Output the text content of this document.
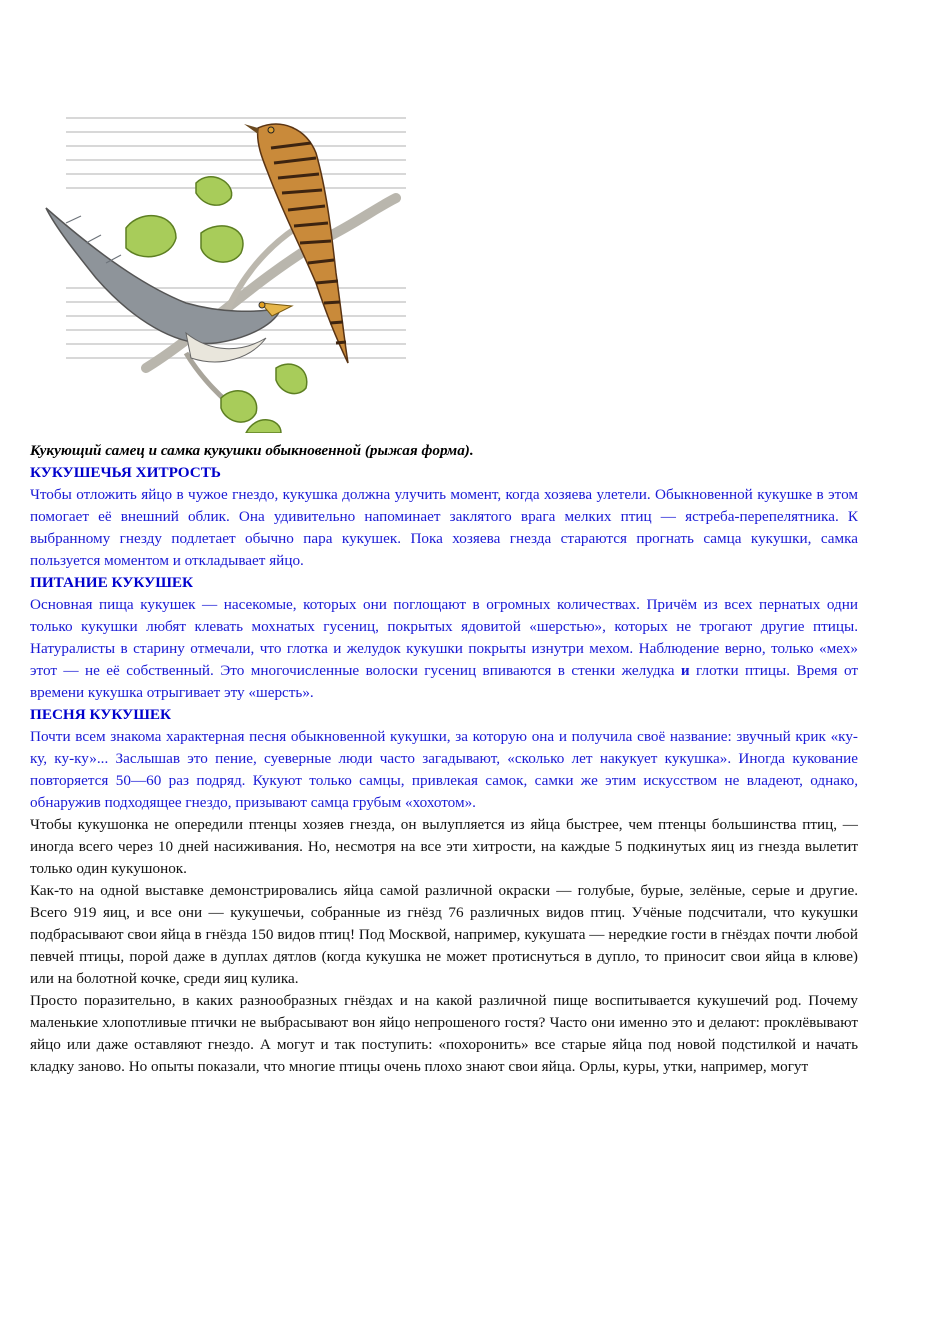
Кукующий самец и самка кукушки обыкновенной (рыжая форма).

КУКУШЕЧЬЯ ХИТРОСТЬ

Чтобы отложить яйцо в чужое гнездо, кукушка должна улучить момент, когда хозяева улетели. Обыкновенной кукушке в этом помогает её внешний облик. Она удивительно напоминает заклятого врага мелких птиц — ястреба-перепелятника. К выбранному гнезду подлетает обычно пара кукушек. Пока хозяева гнезда стараются прогнать самца кукушки, самка пользуется моментом и откладывает яйцо.

ПИТАНИЕ КУКУШЕК

Основная пища кукушек — насекомые, которых они поглощают в огромных количествах. Причём из всех пернатых одни только кукушки любят клевать мохнатых гусениц, покрытых ядовитой «шерстью», которых не трогают другие птицы. Натуралисты в старину отмечали, что глотка и желудок кукушки покрыты изнутри мехом. Наблюдение верно, только «мех» этот — не её собственный. Это многочисленные волоски гусениц впиваются в стенки желудка и глотки птицы. Время от времени кукушка отрыгивает эту «шерсть».

ПЕСНЯ КУКУШЕК

Почти всем знакома характерная песня обыкновенной кукушки, за которую она и получила своё название: звучный крик «ку-ку, ку-ку»... Заслышав это пение, суеверные люди часто загадывают, «сколько лет накукует кукушка». Иногда кукование повторяется 50—60 раз подряд. Кукуют только самцы, привлекая самок, самки же этим искусством не владеют, однако, обнаружив подходящее гнездо, призывают самца грубым «хохотом».

Чтобы кукушонка не опередили птенцы хозяев гнезда, он вылупляется из яйца быстрее, чем птенцы большинства птиц, — иногда всего через 10 дней насиживания. Но, несмотря на все эти хитрости, на каждые 5 подкинутых яиц из гнезда вылетит только один кукушонок.

Как-то на одной выставке демонстрировались яйца самой различной окраски — голубые, бурые, зелёные, серые и другие. Всего 919 яиц, и все они — кукушечьи, собранные из гнёзд 76 различных видов птиц. Учёные подсчитали, что кукушки подбрасывают свои яйца в гнёзда 150 видов птиц! Под Москвой, например, кукушата — нередкие гости в гнёздах почти любой певчей птицы, порой даже в дуплах дятлов (когда кукушка не может протиснуться в дупло, то приносит свои яйца в клюве) или на болотной кочке, среди яиц кулика.

Просто поразительно, в каких разнообразных гнёздах и на какой различной пище воспитывается кукушечий род. Почему маленькие хлопотливые птички не выбрасывают вон яйцо непрошеного гостя? Часто они именно это и делают: проклёвывают яйцо или даже оставляют гнездо. А могут и так поступить: «похоронить» все старые яйца под новой подстилкой и начать кладку заново. Но опыты показали, что многие птицы очень плохо знают свои яйца. Орлы, куры, утки, например, могут
